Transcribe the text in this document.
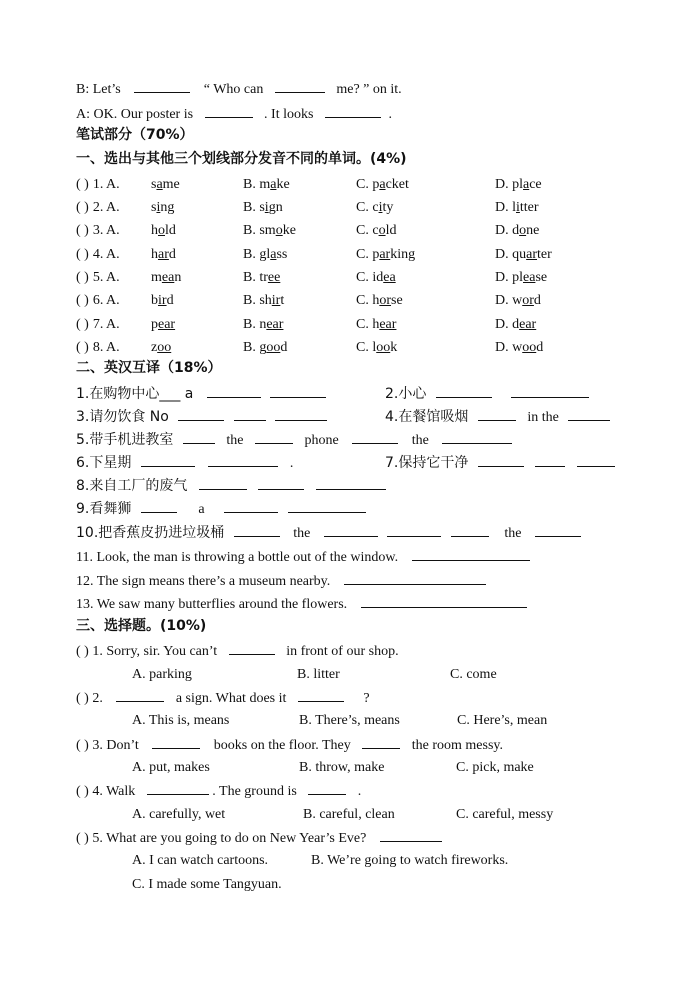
B: Let’s	“ Who can	me? ” on it.
A: OK. Our poster is	. It looks	.
笔试部分（70%）
一、选出与其他三个划线部分发音不同的单词。(4%)
( ) 1. A. same	B. make	C. packet	D. place
( ) 2. A. sing	B. sign	C. city	D. litter
( ) 3. A. hold	B. smoke	C. cold	D. done
( ) 4. A. hard	B. glass	C. parking	D. quarter
( ) 5. A. mean	B. tree	C. idea	D. please
( ) 6. A. bird	B. shirt	C. horse	D. word
( ) 7. A. pear	B. near	C. hear	D. dear
( ) 8. A. zoo	B. good	C. look	D. wood
二、英汉互译（18%）
1.在购物中心___ a	2.小心
3.请勿饮食 No	4.在餐馆吸烟	in the
5.带手机进教室	the	phone	the
6.下星期	.	7.保持它干净
8.来自工厂的废气
9.看舞狮	a
10.把香蕉皮扔进垃圾桶	the	the
11. Look, the man is throwing a bottle out of the window.
12. The sign means there’s a museum nearby.
13. We saw many butterflies around the flowers.
三、选择题。(10%)
( ) 1. Sorry, sir. You can’t	in front of our shop.
A. parking	B. litter	C. come
( ) 2.	a sign. What does it	?
A. This is, means	B. There’s, means	C. Here’s, mean
( ) 3. Don’t	books on the floor. They	the room messy.
A. put, makes	B. throw, make	C. pick, make
( ) 4. Walk	. The ground is	.
A. carefully, wet	B. careful, clean	C. careful, messy
( ) 5. What are you going to do on New Year’s Eve?
A. I can watch cartoons.	B. We’re going to watch fireworks.
C. I made some Tangyuan.
